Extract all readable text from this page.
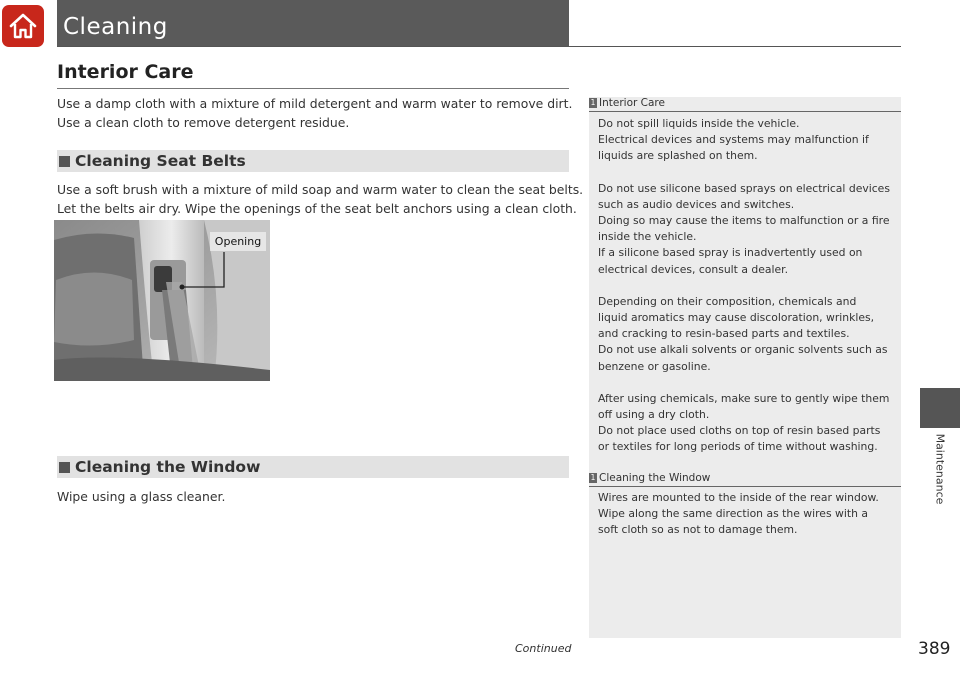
Cleaning
Interior Care
Use a damp cloth with a mixture of mild detergent and warm water to remove dirt.
Use a clean cloth to remove detergent residue.
Cleaning Seat Belts
Use a soft brush with a mixture of mild soap and warm water to clean the seat belts.
Let the belts air dry. Wipe the openings of the seat belt anchors using a clean cloth.
Opening
Cleaning the Window
Wipe using a glass cleaner.
1 Interior Care

Do not spill liquids inside the vehicle.

Electrical devices and systems may malfunction if

liquids are splashed on them.

Do not use silicone based sprays on electrical devices

such as audio devices and switches.

Doing so may cause the items to malfunction or a fire

inside the vehicle.

If a silicone based spray is inadvertently used on

electrical devices, consult a dealer.

Depending on their composition, chemicals and

liquid aromatics may cause discoloration, wrinkles,

and cracking to resin-based parts and textiles.

Do not use alkali solvents or organic solvents such as

benzene or gasoline.

After using chemicals, make sure to gently wipe them

off using a dry cloth.

Do not place used cloths on top of resin based parts

or textiles for long periods of time without washing.

1 Cleaning the Window

Wires are mounted to the inside of the rear window.

Wipe along the same direction as the wires with a

soft cloth so as not to damage them.

Maintenance
Continued	389
